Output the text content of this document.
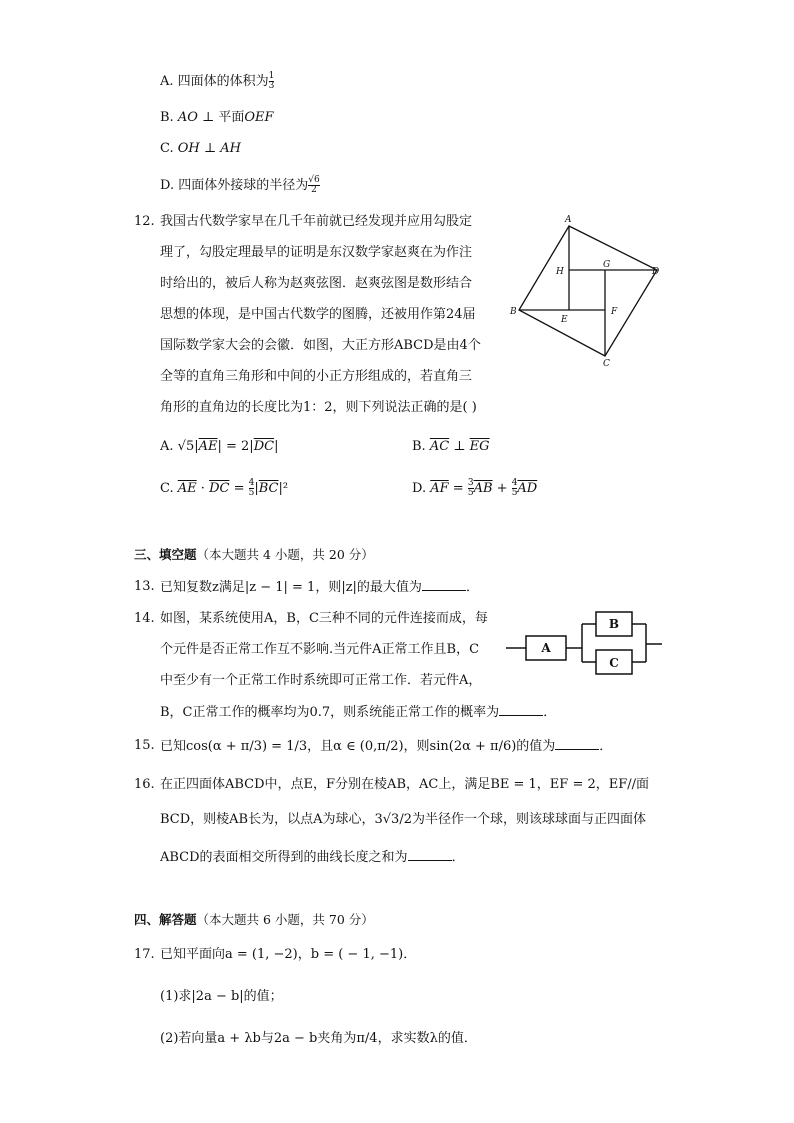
A. 四面体的体积为 $\frac{1}{3}$
B. AO ⊥ 平面OEF
C. OH ⊥ AH
D. 四面体外接球的半径为 $\frac{√6}{2}$
12. 我国古代数学家早在几千年前就已经发现并应用勾股定
理了，勾股定理最早的证明是东汉数学家赵爽在为作注
时给出的，被后人称为赵爽弦图．赵爽弦图是数形结合
思想的体现，是中国古代数学的图腾，还被用作第24届
国际数学家大会的会徽．如图，大正方形ABCD是由4个
全等的直角三角形和中间的小正方形组成的，若直角三
角形的直角边的长度比为1：2，则下列说法正确的是( )
A
B
C
D
E
F
G
H
A. $√5|\overline{AE}| = 2|\overline{DC}|$	B. $\overline{AC}$ ⊥ $\overline{EG}$
C. $\overline{AE} \cdot \overline{DC} = \frac{4}{5} |\overline{BC}|^2$	D. $\overline{AF} = \frac{3}{5} \overline{AB} + \frac{4}{5} \overline{AD}$
三、填空题（本大题共 4 小题，共 20 分）
13. 已知复数z满足|z − 1| = 1，则|z|的最大值为	．
14. 如图，某系统使用A，B，C三种不同的元件连接而成，每
个元件是否正常工作互不影响.当元件A正常工作且B，C
中至少有一个正常工作时系统即可正常工作．若元件A，
B，C正常工作的概率均为0.7，则系统能正常工作的概率为	．
A
B
C
15. 已知cos(α + π/3) = 1/3，且α ∈ (0,π/2)，则sin(2α + π/6)的值为	．
16. 在正四面体ABCD中，点E，F分别在棱AB，AC上，满足BE = 1，EF = 2，EF//面
BCD，则棱AB长为，以点A为球心，3√3/2为半径作一个球，则该球球面与正四面体
ABCD的表面相交所得到的曲线长度之和为	．
四、解答题（本大题共 6 小题，共 70 分）
17. 已知平面向a = (1, −2)，b = ( − 1, −1)．
(1)求|2a − b|的值；
(2)若向量a + λb与2a − b夹角为π/4，求实数λ的值．
